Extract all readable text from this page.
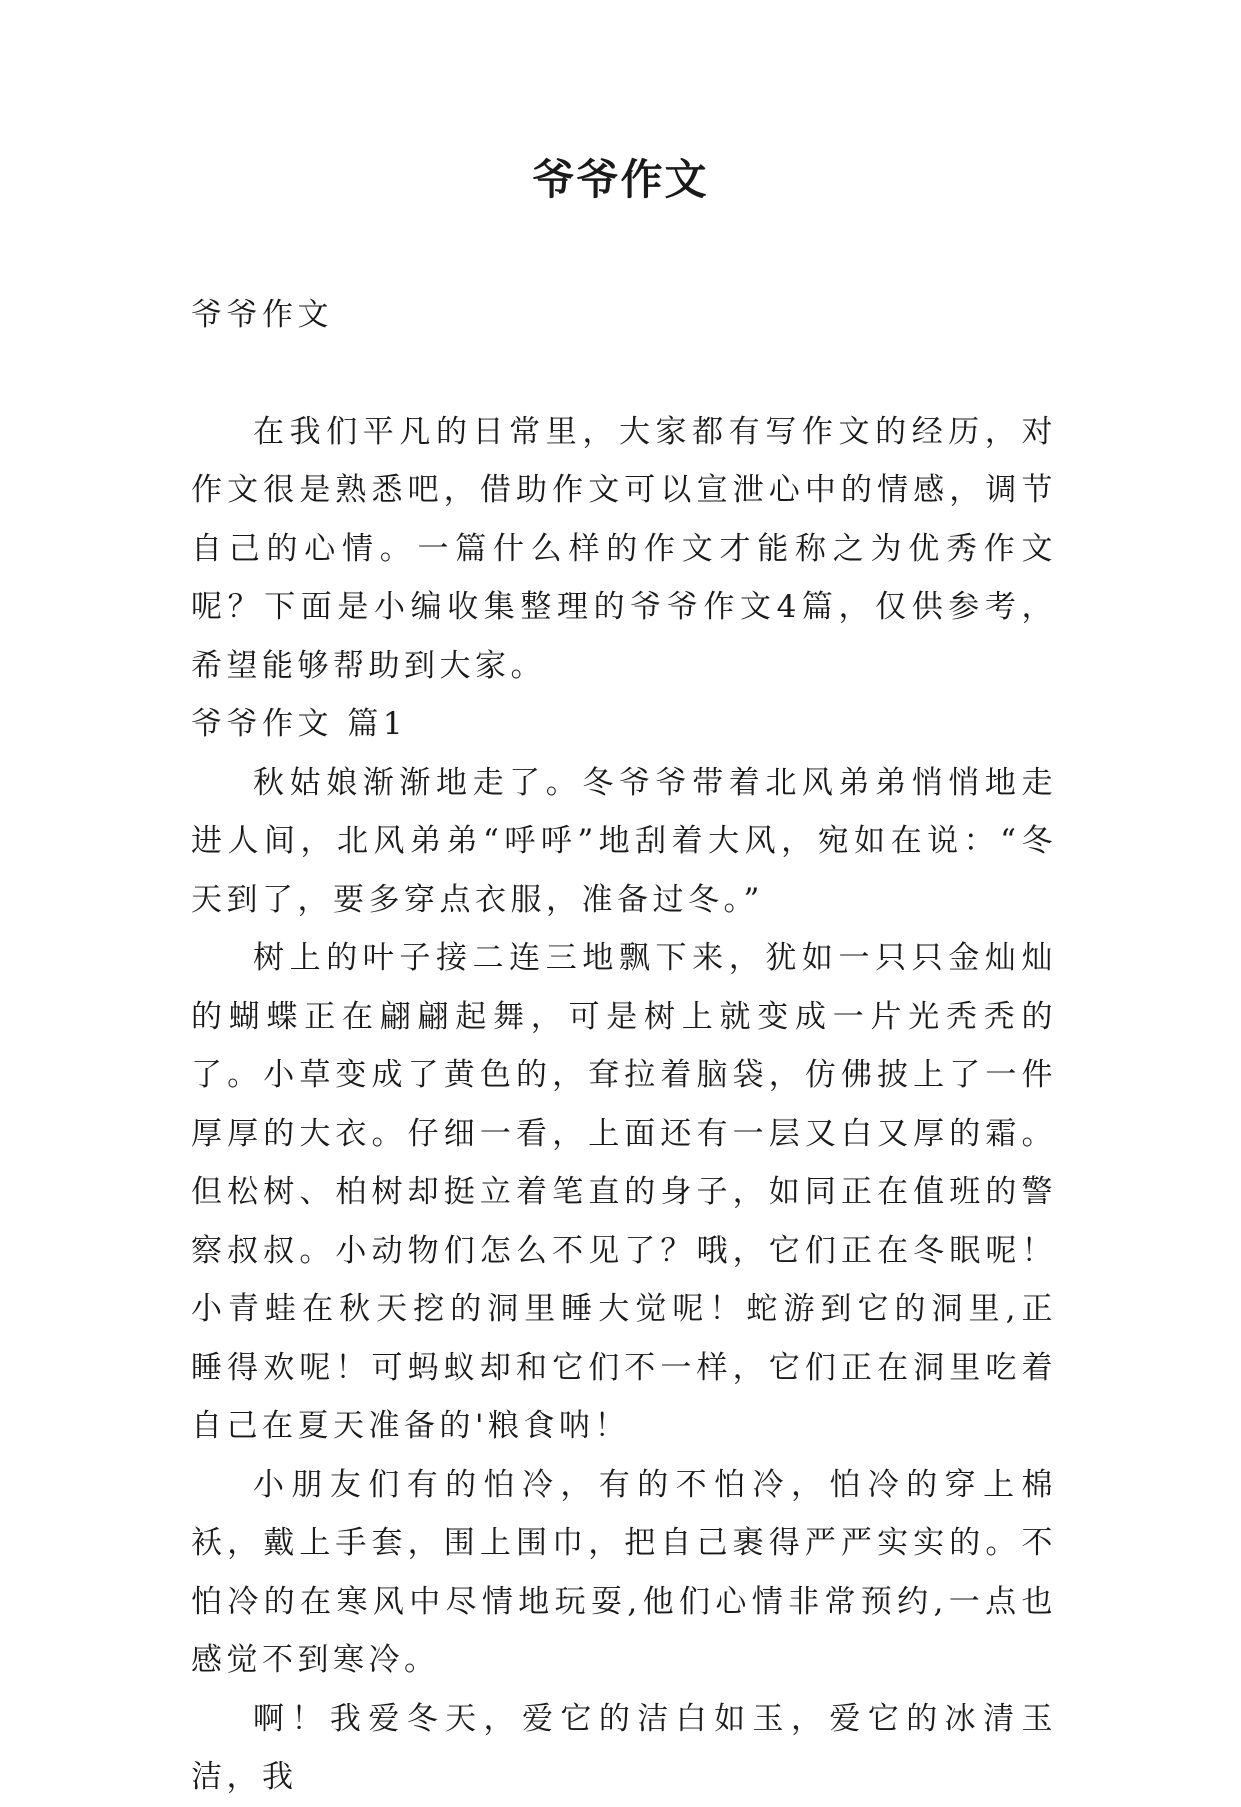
爷爷作文

爷爷作文

在我们平凡的日常里，大家都有写作文的经历，对作文很是熟悉吧，借助作文可以宣泄心中的情感，调节自己的心情。一篇什么样的作文才能称之为优秀作文呢？下面是小编收集整理的爷爷作文4篇，仅供参考，希望能够帮助到大家。

爷爷作文 篇1

秋姑娘渐渐地走了。冬爷爷带着北风弟弟悄悄地走进人间，北风弟弟“呼呼”地刮着大风，宛如在说：“冬天到了，要多穿点衣服，准备过冬。”

树上的叶子接二连三地飘下来，犹如一只只金灿灿的蝴蝶正在翩翩起舞，可是树上就变成一片光秃秃的了。小草变成了黄色的，耷拉着脑袋，仿佛披上了一件厚厚的大衣。仔细一看，上面还有一层又白又厚的霜。但松树、柏树却挺立着笔直的身子，如同正在值班的警察叔叔。小动物们怎么不见了？哦，它们正在冬眠呢！小青蛙在秋天挖的洞里睡大觉呢！蛇游到它的洞里,正睡得欢呢！可蚂蚁却和它们不一样，它们正在洞里吃着自己在夏天准备的'粮食呐！

小朋友们有的怕冷，有的不怕冷，怕冷的穿上棉袄，戴上手套，围上围巾，把自己裹得严严实实的。不怕冷的在寒风中尽情地玩耍,他们心情非常预约,一点也感觉不到寒冷。

啊！我爱冬天，爱它的洁白如玉，爱它的冰清玉洁，我
